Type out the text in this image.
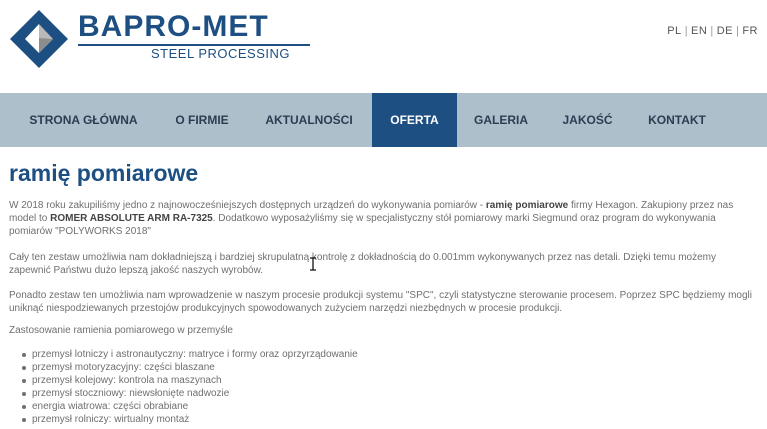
BAPRO-MET
STEEL PROCESSING
PL | EN | DE | FR
STRONA GŁÓWNA	O FIRMIE	AKTUALNOŚCI	OFERTA	GALERIA	JAKOŚĆ	KONTAKT
ramię pomiarowe

W 2018 roku zakupiliśmy jedno z najnowocześniejszych dostępnych urządzeń do wykonywania pomiarów - ramię pomiarowe firmy Hexagon. Zakupiony przez nas model to ROMER ABSOLUTE ARM RA-7325. Dodatkowo wyposażyliśmy się w specjalistyczny stół pomiarowy marki Siegmund oraz program do wykonywania pomiarów "POLYWORKS 2018"

Cały ten zestaw umożliwia nam dokładniejszą i bardziej skrupulatną kontrolę z dokładnością do 0.001mm wykonywanych przez nas detali. Dzięki temu możemy zapewnić Państwu dużo lepszą jakość naszych wyrobów.

Ponadto zestaw ten umożliwia nam wprowadzenie w naszym procesie produkcji systemu "SPC", czyli statystyczne sterowanie procesem. Poprzez SPC będziemy mogli uniknąć niespodziewanych przestojów produkcyjnych spowodowanych zużyciem narzędzi niezbędnych w procesie produkcji.

Zastosowanie ramienia pomiarowego w przemyśle

przemysł lotniczy i astronautyczny: matryce i formy oraz oprzyrządowanie
przemysł motoryzacyjny: części blaszane
przemysł kolejowy: kontrola na maszynach
przemysł stoczniowy: niewsłonięte nadwozie
energia wiatrowa: części obrabiane
przemysł rolniczy: wirtualny montaż
